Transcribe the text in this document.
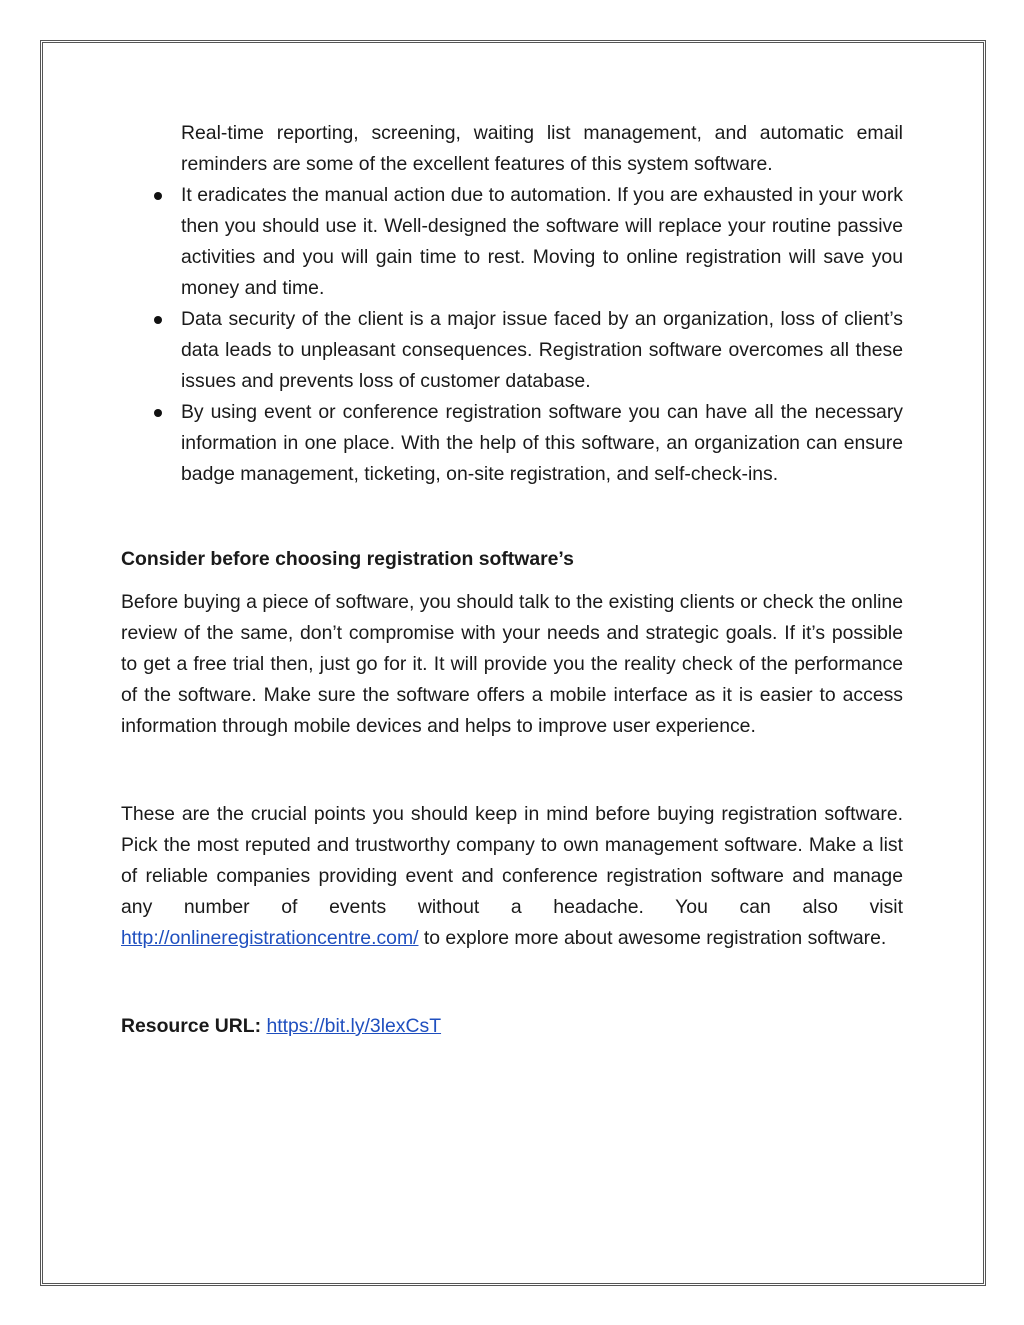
Real-time reporting, screening, waiting list management, and automatic email reminders are some of the excellent features of this system software.

It eradicates the manual action due to automation. If you are exhausted in your work then you should use it. Well-designed the software will replace your routine passive activities and you will gain time to rest. Moving to online registration will save you money and time.
Data security of the client is a major issue faced by an organization, loss of client’s data leads to unpleasant consequences. Registration software overcomes all these issues and prevents loss of customer database.
By using event or conference registration software you can have all the necessary information in one place. With the help of this software, an organization can ensure badge management, ticketing, on-site registration, and self-check-ins.

Consider before choosing registration software’s

Before buying a piece of software, you should talk to the existing clients or check the online review of the same, don’t compromise with your needs and strategic goals. If it’s possible to get a free trial then, just go for it. It will provide you the reality check of the performance of the software. Make sure the software offers a mobile interface as it is easier to access information through mobile devices and helps to improve user experience.

These are the crucial points you should keep in mind before buying registration software. Pick the most reputed and trustworthy company to own management software. Make a list of reliable companies providing event and conference registration software and manage any number of events without a headache. You can also visit http://onlineregistrationcentre.com/ to explore more about awesome registration software.

Resource URL: https://bit.ly/3lexCsT
